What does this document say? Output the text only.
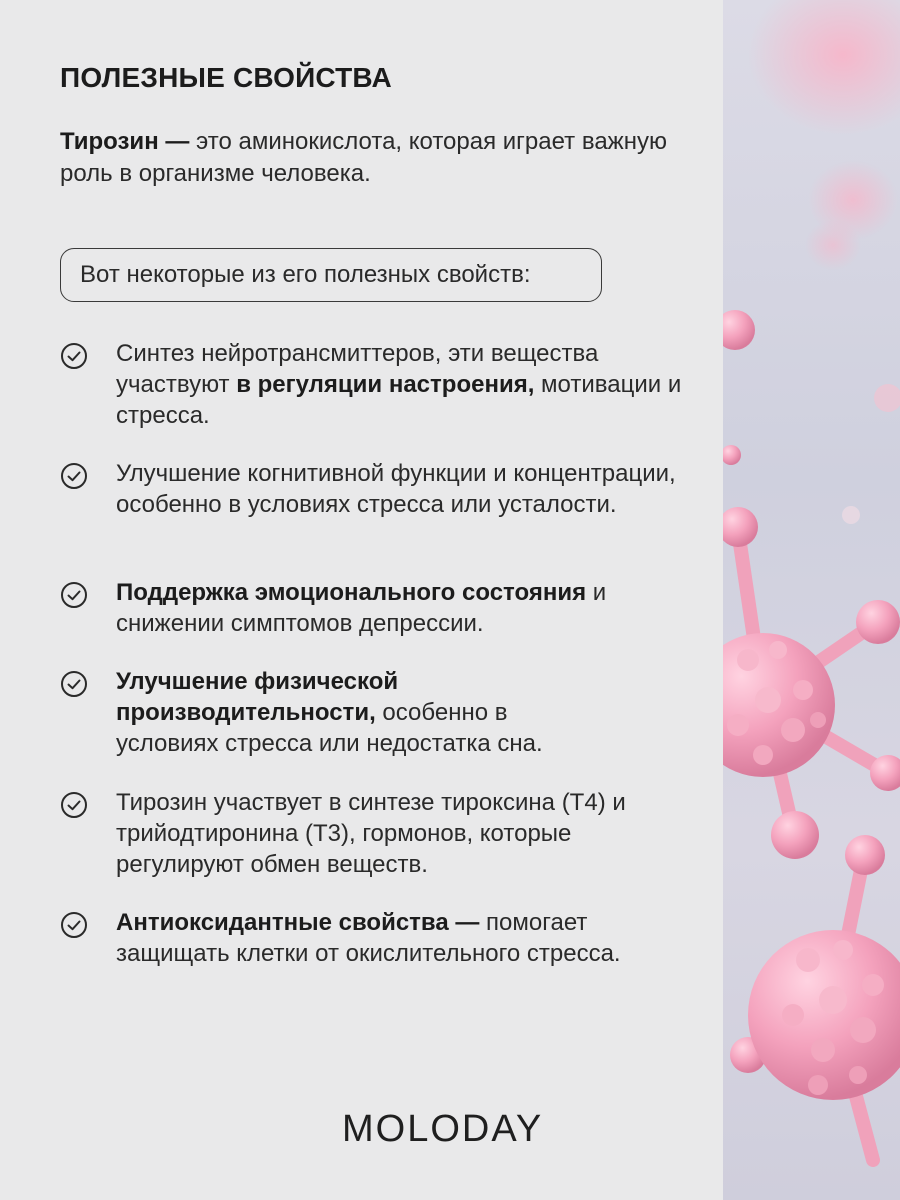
ПОЛЕЗНЫЕ СВОЙСТВА
Тирозин — это аминокислота, которая играет важную роль в организме человека.
Вот некоторые из его полезных свойств:
Синтез нейротрансмиттеров, эти вещества участвуют в регуляции настроения, мотивации и стресса.
Улучшение когнитивной функции и концентрации, особенно в условиях стресса или усталости.
Поддержка эмоционального состояния и снижении симптомов депрессии.
Улучшение физической производительности, особенно в условиях стресса или недостатка сна.
Тирозин участвует в синтезе тироксина (T4) и трийодтиронина (T3), гормонов, которые регулируют обмен веществ.
Антиоксидантные свойства — помогает защищать клетки от окислительного стресса.
MOLODAY
